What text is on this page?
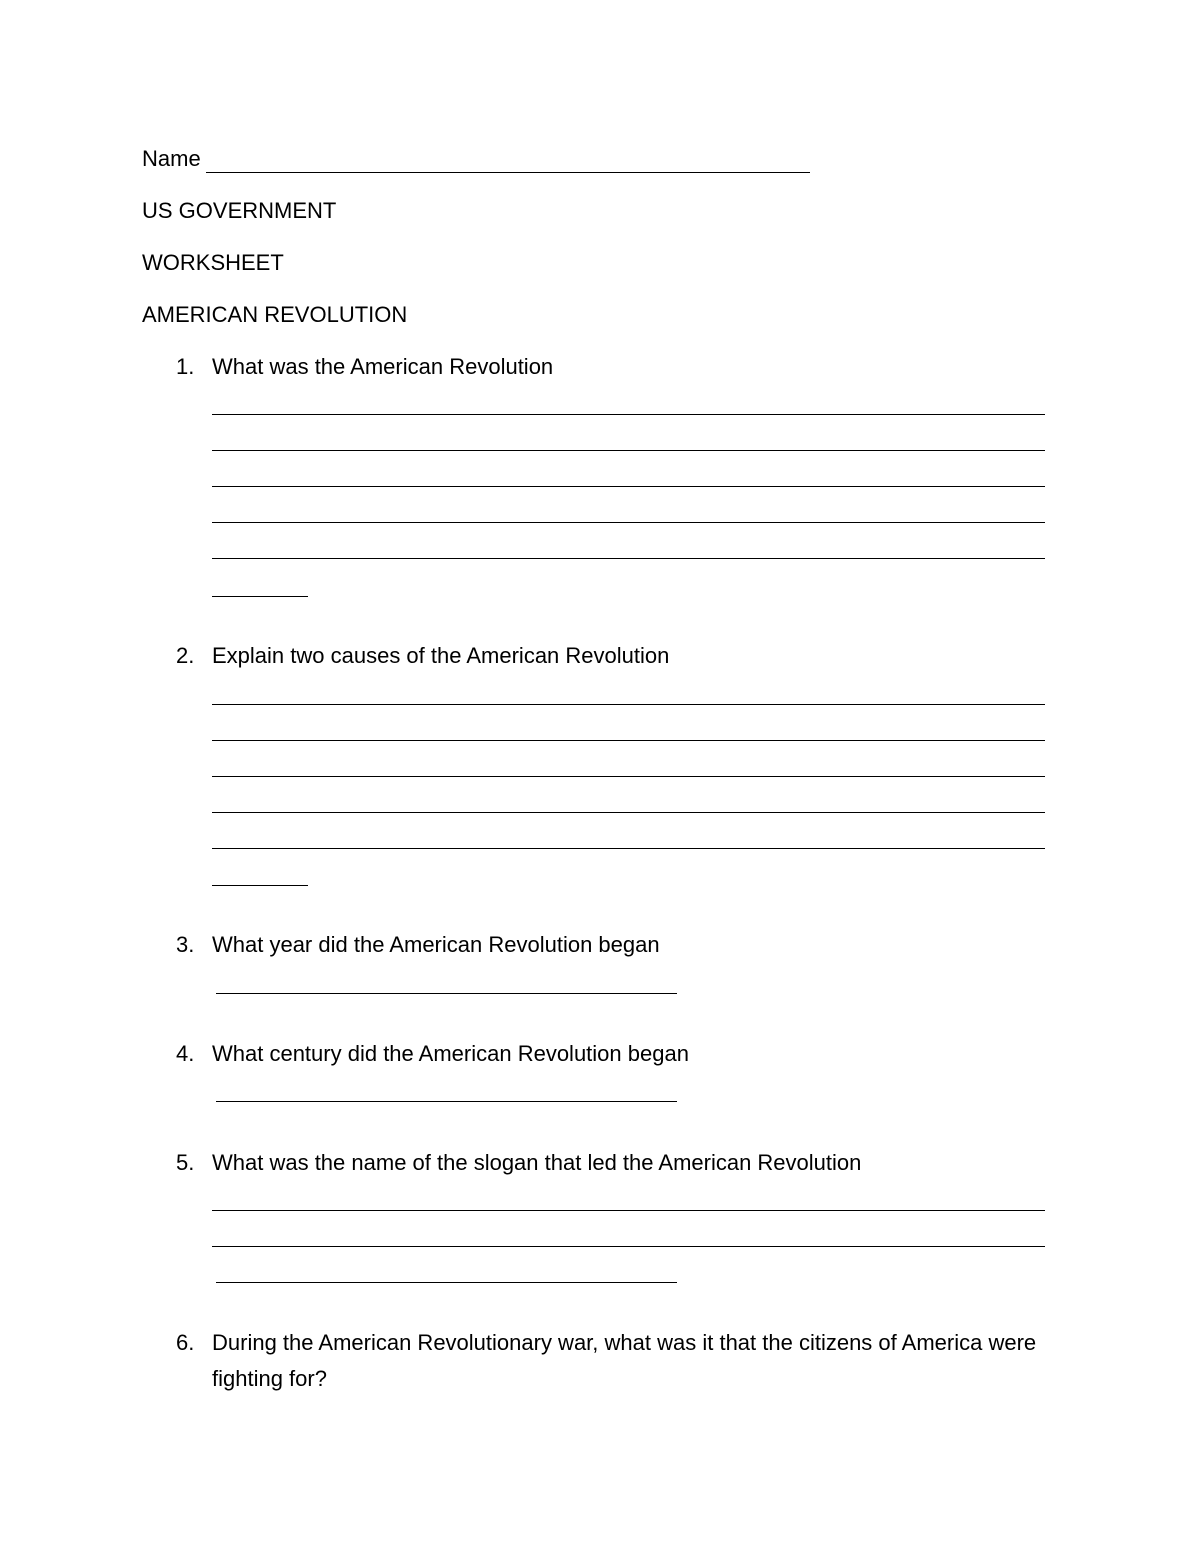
Name
US GOVERNMENT
WORKSHEET
AMERICAN REVOLUTION
1. What was the American Revolution
2. Explain two causes of the American Revolution
3. What year did the American Revolution began
4. What century did the American Revolution began
5. What was the name of the slogan that led the American Revolution
6. During the American Revolutionary war, what was it that the citizens of America were fighting for?
